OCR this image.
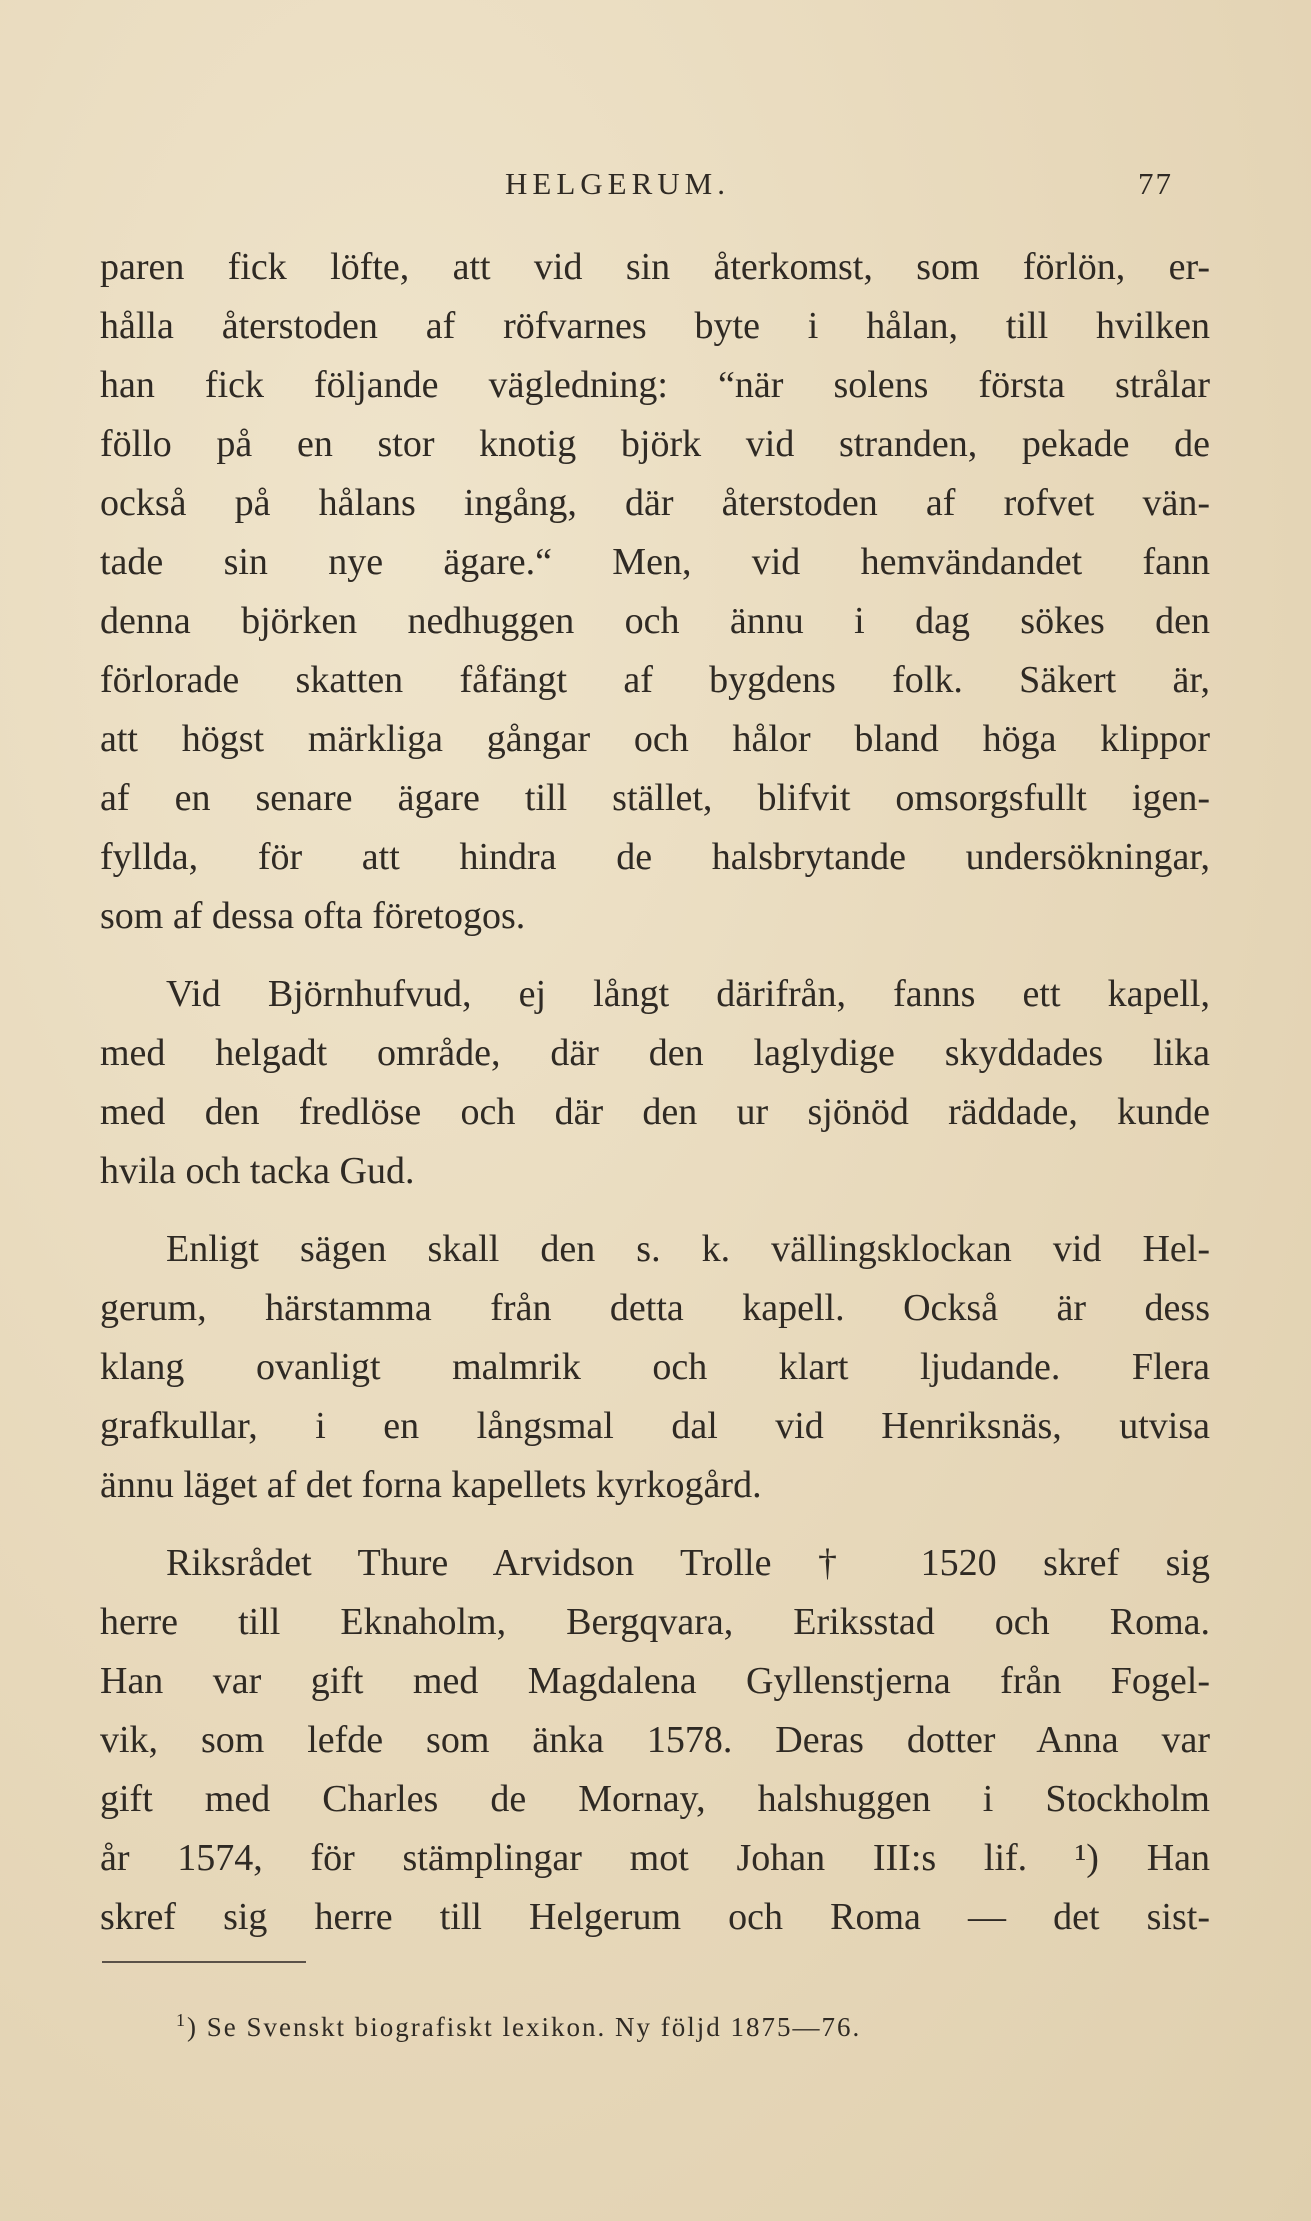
HELGERUM.	77
paren fick löfte, att vid sin återkomst, som förlön, er-
hålla återstoden af röfvarnes byte i hålan, till hvilken
han fick följande vägledning: “när solens första strålar
föllo på en stor knotig björk vid stranden, pekade de
också på hålans ingång, där återstoden af rofvet vän-
tade sin nye ägare.“ Men, vid hemvändandet fann
denna björken nedhuggen och ännu i dag sökes den
förlorade skatten fåfängt af bygdens folk. Säkert är,
att högst märkliga gångar och hålor bland höga klippor
af en senare ägare till stället, blifvit omsorgsfullt igen-
fyllda, för att hindra de halsbrytande undersökningar,
som af dessa ofta företogos.
Vid Björnhufvud, ej långt därifrån, fanns ett kapell,
med helgadt område, där den laglydige skyddades lika
med den fredlöse och där den ur sjönöd räddade, kunde
hvila och tacka Gud.
Enligt sägen skall den s. k. vällingsklockan vid Hel-
gerum, härstamma från detta kapell. Också är dess
klang ovanligt malmrik och klart ljudande. Flera
grafkullar, i en långsmal dal vid Henriksnäs, utvisa
ännu läget af det forna kapellets kyrkogård.
Riksrådet Thure Arvidson Trolle † 1520 skref sig
herre till Eknaholm, Bergqvara, Eriksstad och Roma.
Han var gift med Magdalena Gyllenstjerna från Fogel-
vik, som lefde som änka 1578. Deras dotter Anna var
gift med Charles de Mornay, halshuggen i Stockholm
år 1574, för stämplingar mot Johan III:s lif. ¹) Han
skref sig herre till Helgerum och Roma — det sist-
$^1$) Se Svenskt biografiskt lexikon. Ny följd 1875—76.
